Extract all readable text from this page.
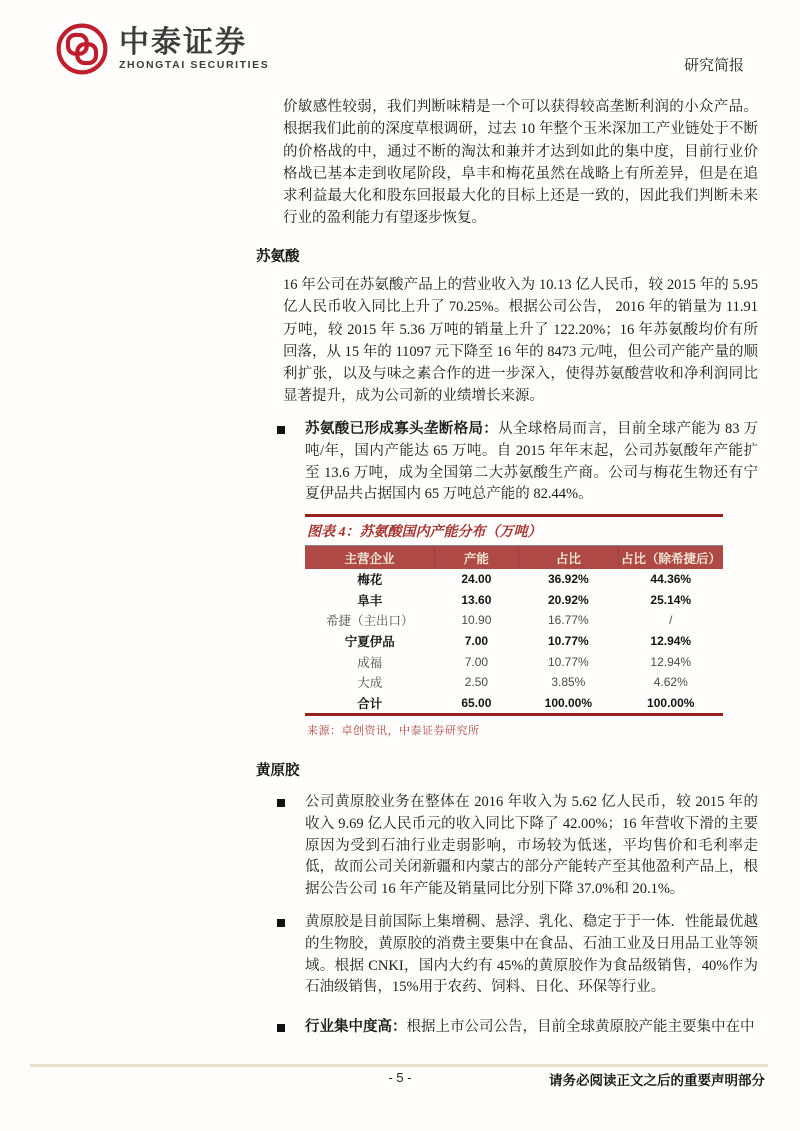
中泰证券
ZHONGTAI SECURITIES	研究简报

价敏感性较弱，我们判断味精是一个可以获得较高垄断利润的小众产品。根据我们此前的深度草根调研，过去 10 年整个玉米深加工产业链处于不断的价格战的中，通过不断的淘汰和兼并才达到如此的集中度，目前行业价格战已基本走到收尾阶段，阜丰和梅花虽然在战略上有所差异，但是在追求利益最大化和股东回报最大化的目标上还是一致的，因此我们判断未来行业的盈利能力有望逐步恢复。

苏氨酸

16 年公司在苏氨酸产品上的营业收入为 10.13 亿人民币，较 2015 年的 5.95 亿人民币收入同比上升了 70.25%。根据公司公告， 2016 年的销量为 11.91 万吨，较 2015 年 5.36 万吨的销量上升了 122.20%；16 年苏氨酸均价有所回落，从 15 年的 11097 元下降至 16 年的 8473 元/吨，但公司产能产量的顺利扩张，以及与味之素合作的进一步深入，使得苏氨酸营收和净利润同比显著提升，成为公司新的业绩增长来源。

苏氨酸已形成寡头垄断格局：从全球格局而言，目前全球产能为 83 万吨/年，国内产能达 65 万吨。自 2015 年年末起，公司苏氨酸年产能扩至 13.6 万吨，成为全国第二大苏氨酸生产商。公司与梅花生物还有宁夏伊品共占据国内 65 万吨总产能的 82.44%。

图表 4：苏氨酸国内产能分布（万吨）
主营企业	产能	占比	占比（除希捷后）
梅花	24.00	36.92%	44.36%
阜丰	13.60	20.92%	25.14%
希捷（主出口）	10.90	16.77%	/
宁夏伊品	7.00	10.77%	12.94%
成福	7.00	10.77%	12.94%
大成	2.50	3.85%	4.62%
合计	65.00	100.00%	100.00%
来源：卓创资讯，中泰证券研究所
黄原胶

公司黄原胶业务在整体在 2016 年收入为 5.62 亿人民币，较 2015 年的收入 9.69 亿人民币元的收入同比下降了 42.00%；16 年营收下滑的主要原因为受到石油行业走弱影响，市场较为低迷，平均售价和毛利率走低，故而公司关闭新疆和内蒙古的部分产能转产至其他盈利产品上，根据公告公司 16 年产能及销量同比分别下降 37.0%和 20.1%。

黄原胶是目前国际上集增稠、悬浮、乳化、稳定于于一体．性能最优越的生物胶，黄原胶的消费主要集中在食品、石油工业及日用品工业等领域。根据 CNKI，国内大约有 45%的黄原胶作为食品级销售，40%作为石油级销售，15%用于农药、饲料、日化、环保等行业。

行业集中度高：根据上市公司公告，目前全球黄原胶产能主要集中在中

- 5 -	请务必阅读正文之后的重要声明部分
